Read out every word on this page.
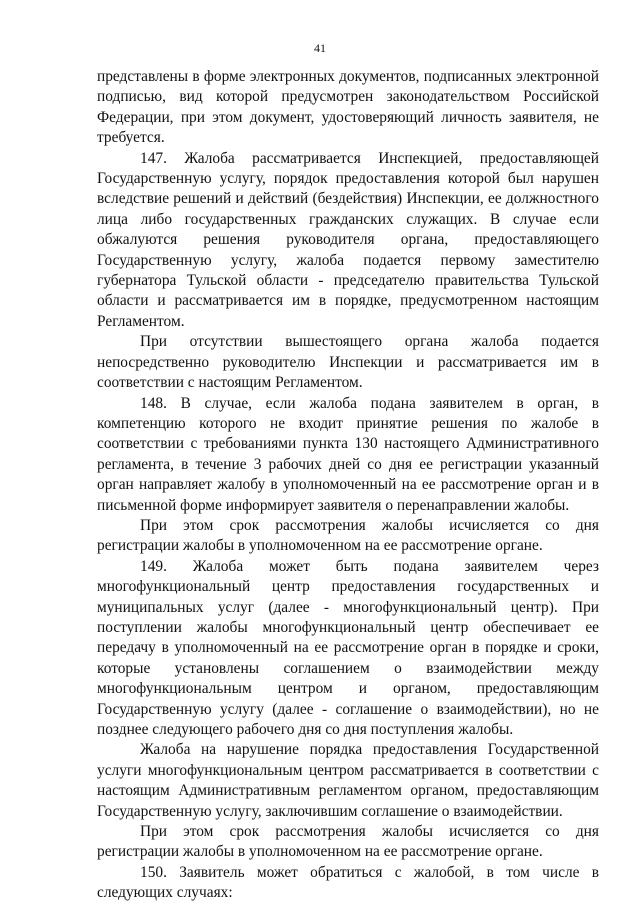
41

представлены в форме электронных документов, подписанных электронной подписью, вид которой предусмотрен законодательством Российской Федерации, при этом документ, удостоверяющий личность заявителя, не требуется.

147. Жалоба рассматривается Инспекцией, предоставляющей Государственную услугу, порядок предоставления которой был нарушен вследствие решений и действий (бездействия) Инспекции, ее должностного лица либо государственных гражданских служащих. В случае если обжалуются решения руководителя органа, предоставляющего Государственную услугу, жалоба подается первому заместителю губернатора Тульской области - председателю правительства Тульской области и рассматривается им в порядке, предусмотренном настоящим Регламентом.

При отсутствии вышестоящего органа жалоба подается непосредственно руководителю Инспекции и рассматривается им в соответствии с настоящим Регламентом.

148. В случае, если жалоба подана заявителем в орган, в компетенцию которого не входит принятие решения по жалобе в соответствии с требованиями пункта 130 настоящего Административного регламента, в течение 3 рабочих дней со дня ее регистрации указанный орган направляет жалобу в уполномоченный на ее рассмотрение орган и в письменной форме информирует заявителя о перенаправлении жалобы.

При этом срок рассмотрения жалобы исчисляется со дня регистрации жалобы в уполномоченном на ее рассмотрение органе.

149. Жалоба может быть подана заявителем через многофункциональный центр предоставления государственных и муниципальных услуг (далее - многофункциональный центр). При поступлении жалобы многофункциональный центр обеспечивает ее передачу в уполномоченный на ее рассмотрение орган в порядке и сроки, которые установлены соглашением о взаимодействии между многофункциональным центром и органом, предоставляющим Государственную услугу (далее - соглашение о взаимодействии), но не позднее следующего рабочего дня со дня поступления жалобы.

Жалоба на нарушение порядка предоставления Государственной услуги многофункциональным центром рассматривается в соответствии с настоящим Административным регламентом органом, предоставляющим Государственную услугу, заключившим соглашение о взаимодействии.

При этом срок рассмотрения жалобы исчисляется со дня регистрации жалобы в уполномоченном на ее рассмотрение органе.

150. Заявитель может обратиться с жалобой, в том числе в следующих случаях:
